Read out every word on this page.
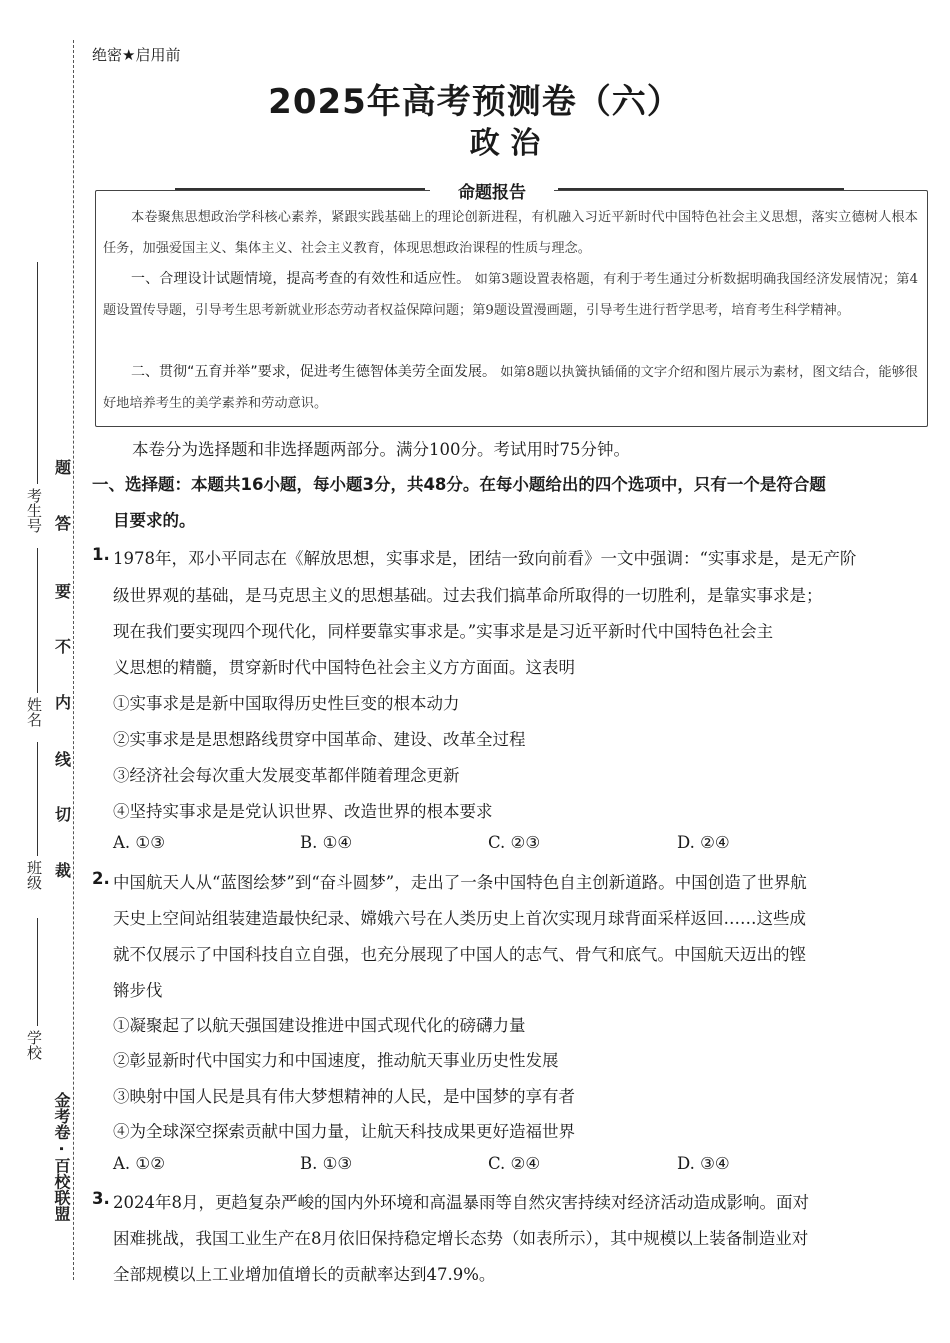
考生号
姓名
班级
学校
金考卷 · 百校联盟
题
答
要
不
内
线
切
裁
绝密★启用前
2025年高考预测卷（六）
政 治
命题报告
本卷聚焦思想政治学科核心素养，紧跟实践基础上的理论创新进程，有机融入习近平新时代中国特色社会主义思想，落实立德树人根本任务，加强爱国主义、集体主义、社会主义教育，体现思想政治课程的性质与理念。
一、合理设计试题情境，提高考查的有效性和适应性。 如第3题设置表格题，有利于考生通过分析数据明确我国经济发展情况；第4题设置传导题，引导考生思考新就业形态劳动者权益保障问题；第9题设置漫画题，引导考生进行哲学思考，培育考生科学精神。
二、贯彻“五育并举”要求，促进考生德智体美劳全面发展。 如第8题以执簧执锸俑的文字介绍和图片展示为素材，图文结合，能够很好地培养考生的美学素养和劳动意识。
本卷分为选择题和非选择题两部分。满分100分。考试用时75分钟。
一、选择题：本题共16小题，每小题3分，共48分。在每小题给出的四个选项中，只有一个是符合题
目要求的。
1. 1978年，邓小平同志在《解放思想，实事求是，团结一致向前看》一文中强调：“实事求是，是无产阶
级世界观的基础，是马克思主义的思想基础。过去我们搞革命所取得的一切胜利，是靠实事求是；
现在我们要实现四个现代化，同样要靠实事求是。”实事求是是习近平新时代中国特色社会主
义思想的精髓，贯穿新时代中国特色社会主义方方面面。这表明
①实事求是是新中国取得历史性巨变的根本动力
②实事求是是思想路线贯穿中国革命、建设、改革全过程
③经济社会每次重大发展变革都伴随着理念更新
④坚持实事求是是党认识世界、改造世界的根本要求
A. ①③	B. ①④	C. ②③	D. ②④
2. 中国航天人从“蓝图绘梦”到“奋斗圆梦”，走出了一条中国特色自主创新道路。中国创造了世界航
天史上空间站组装建造最快纪录、嫦娥六号在人类历史上首次实现月球背面采样返回……这些成
就不仅展示了中国科技自立自强，也充分展现了中国人的志气、骨气和底气。中国航天迈出的铿
锵步伐
①凝聚起了以航天强国建设推进中国式现代化的磅礴力量
②彰显新时代中国实力和中国速度，推动航天事业历史性发展
③映射中国人民是具有伟大梦想精神的人民，是中国梦的享有者
④为全球深空探索贡献中国力量，让航天科技成果更好造福世界
A. ①②	B. ①③	C. ②④	D. ③④
3. 2024年8月，更趋复杂严峻的国内外环境和高温暴雨等自然灾害持续对经济活动造成影响。面对
困难挑战，我国工业生产在8月依旧保持稳定增长态势（如表所示），其中规模以上装备制造业对
全部规模以上工业增加值增长的贡献率达到47.9%。
